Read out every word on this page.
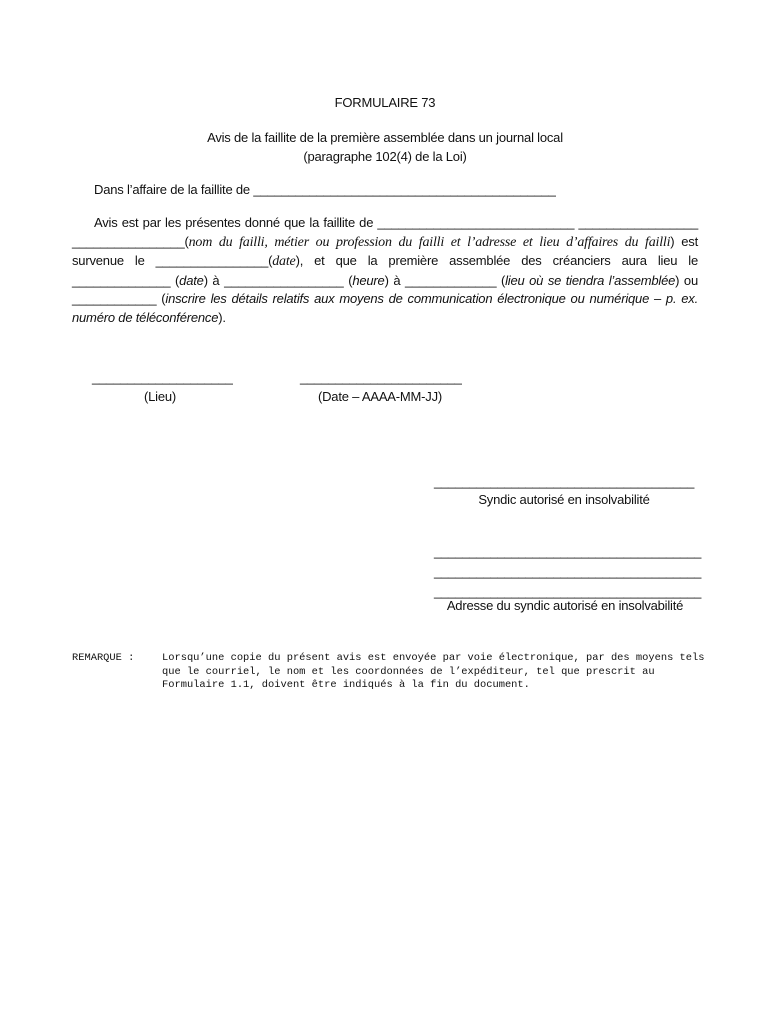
FORMULAIRE 73
Avis de la faillite de la première assemblée dans un journal local
(paragraphe 102(4) de la Loi)
Dans l’affaire de la faillite de ___________________________________________
Avis est par les présentes donné que la faillite de ____________________________ _________________ ________________(nom du failli, métier ou profession du failli et l’adresse et lieu d’affaires du failli) est survenue le ________________(date), et que la première assemblée des créanciers aura lieu le ______________ (date) à _________________ (heure) à _____________ (lieu où se tiendra l’assemblée) ou ____________ (inscrire les détails relatifs aux moyens de communication électronique ou numérique – p. ex. numéro de téléconférence).
____________________
(Lieu)
_______________________
(Date – AAAA-MM-JJ)
_____________________________________
Syndic autorisé en insolvabilité
______________________________________
______________________________________
______________________________________
Adresse du syndic autorisé en insolvabilité
REMARQUE :	Lorsqu’une copie du présent avis est envoyée par voie électronique, par des moyens tels
que le courriel, le nom et les coordonnées de l’expéditeur, tel que prescrit au
Formulaire 1.1, doivent être indiqués à la fin du document.
